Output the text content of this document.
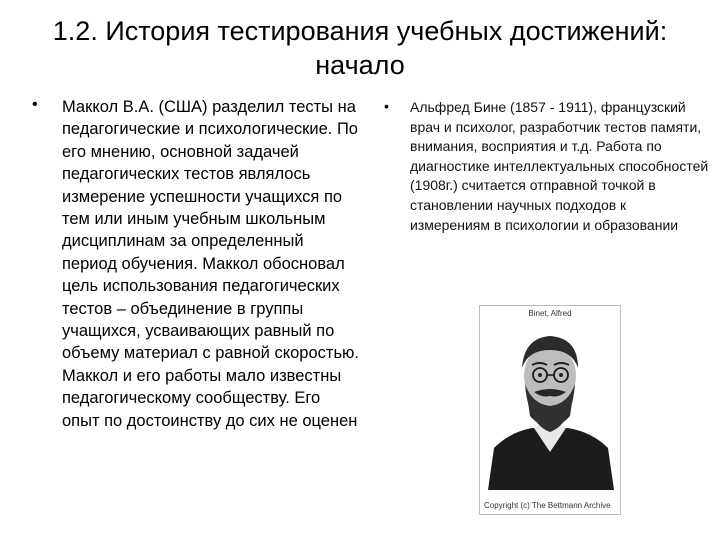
1.2. История тестирования учебных достижений:
начало
• Маккол В.А. (США) разделил тесты на педагогические и психологические. По его мнению, основной задачей педагогических тестов являлось измерение успешности учащихся по тем или иным учебным школьным дисциплинам за определенный период обучения. Маккол обосновал цель использования педагогических тестов – объединение в группы учащихся, усваивающих равный по объему материал с равной скоростью. Маккол и его работы мало известны педагогическому сообществу. Его опыт по достоинству до сих не оценен
• Альфред Бине (1857 - 1911), французский врач и психолог, разработчик тестов памяти, внимания, восприятия и т.д. Работа по диагностике интеллектуальных способностей (1908г.) считается отправной точкой в становлении научных подходов к измерениям в психологии и образовании
Binet, Alfred
Copyright (c) The Bettmann Archive
